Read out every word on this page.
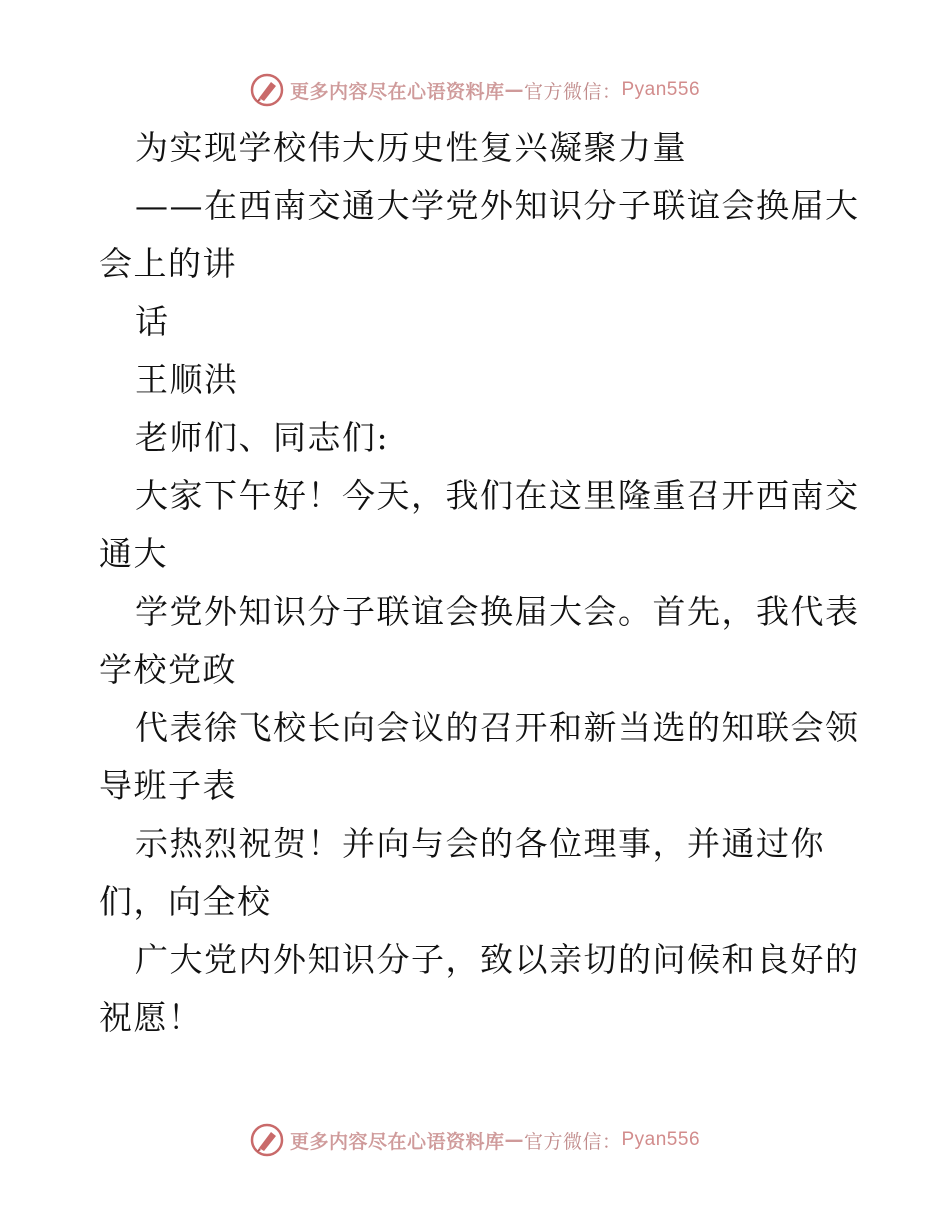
更多内容尽在心语资料库 — 官方微信： Pyan556
为实现学校伟大历史性复兴凝聚力量
——在西南交通大学党外知识分子联谊会换届大
会上的讲
话
王顺洪
老师们、同志们:
大家下午好！今天，我们在这里隆重召开西南交
通大
学党外知识分子联谊会换届大会。首先，我代表
学校党政
代表徐飞校长向会议的召开和新当选的知联会领
导班子表
示热烈祝贺！并向与会的各位理事，并通过你
们，向全校
广大党内外知识分子，致以亲切的问候和良好的
祝愿！
更多内容尽在心语资料库 — 官方微信： Pyan556
